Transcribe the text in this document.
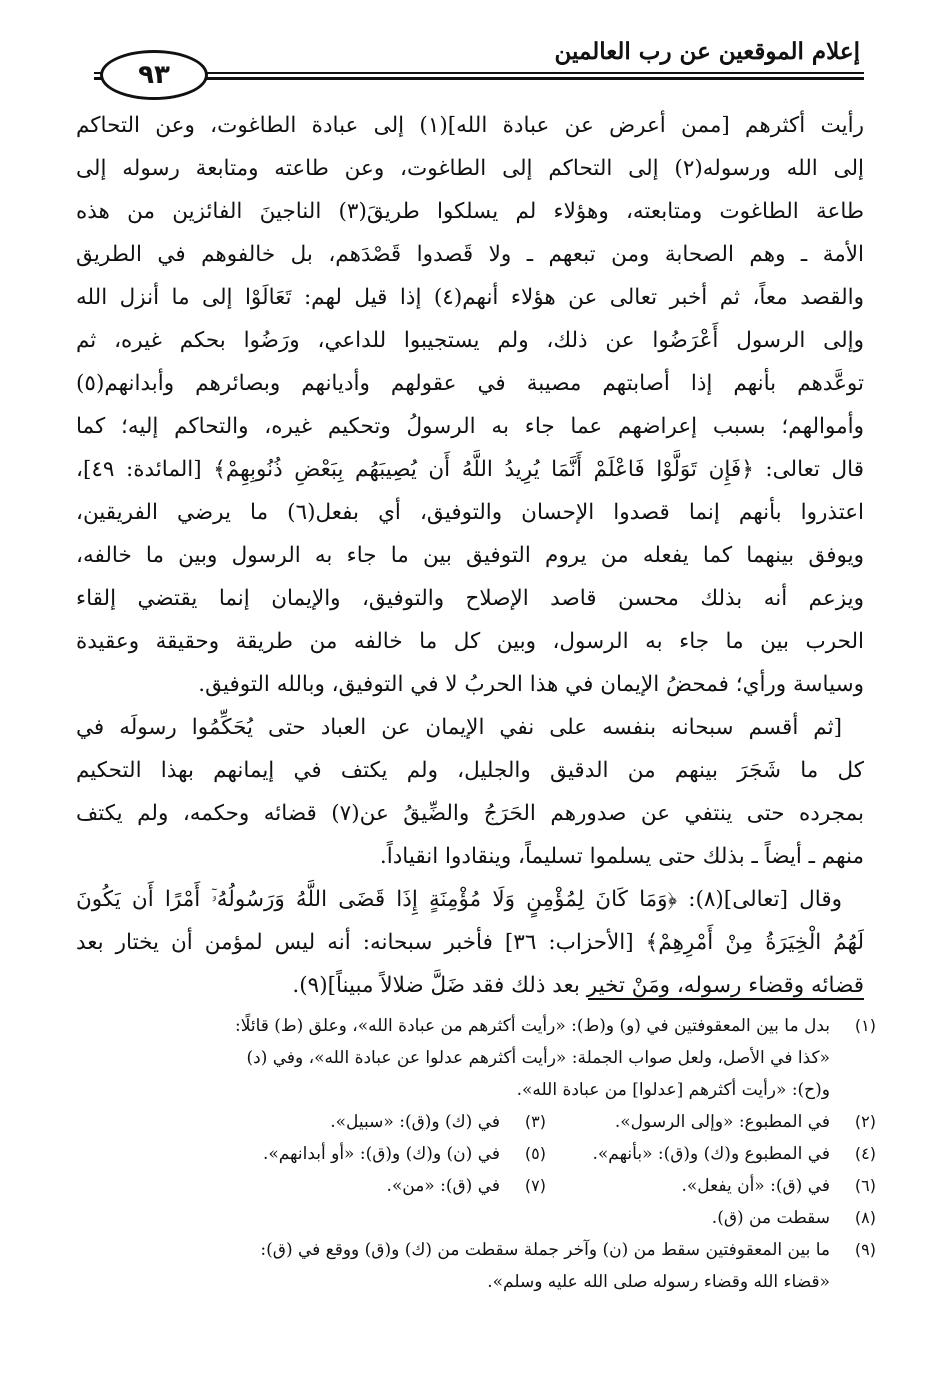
إعلام الموقعين عن رب العالمين
٩٣
رأيت أكثرهم [ممن أعرض عن عبادة الله](١) إلى عبادة الطاغوت، وعن التحاكم
إلى الله ورسوله(٢) إلى التحاكم إلى الطاغوت، وعن طاعته ومتابعة رسوله إلى
طاعة الطاغوت ومتابعته، وهؤلاء لم يسلكوا طريقَ(٣) الناجينَ الفائزين من هذه
الأمة ـ وهم الصحابة ومن تبعهم ـ ولا قَصدوا قَصْدَهم، بل خالفوهم في الطريق
والقصد معاً، ثم أخبر تعالى عن هؤلاء أنهم(٤) إذا قيل لهم: تَعَالَوْا إلى ما أنزل الله
وإلى الرسول أَعْرَضُوا عن ذلك، ولم يستجيبوا للداعي، ورَضُوا بحكم غيره، ثم
توعَّدهم بأنهم إذا أصابتهم مصيبة في عقولهم وأديانهم وبصائرهم وأبدانهم(٥)
وأموالهم؛ بسبب إعراضهم عما جاء به الرسولُ وتحكيم غيره، والتحاكم إليه؛ كما
قال تعالى: ﴿فَإِن تَوَلَّوْا فَاعْلَمْ أَنَّمَا يُرِيدُ اللَّهُ أَن يُصِيبَهُم بِبَعْضِ ذُنُوبِهِمْ﴾ [المائدة: ٤٩]،
اعتذروا بأنهم إنما قصدوا الإحسان والتوفيق، أي بفعل(٦) ما يرضي الفريقين،
ويوفق بينهما كما يفعله من يروم التوفيق بين ما جاء به الرسول وبين ما خالفه،
ويزعم أنه بذلك محسن قاصد الإصلاح والتوفيق، والإيمان إنما يقتضي إلقاء
الحرب بين ما جاء به الرسول، وبين كل ما خالفه من طريقة وحقيقة وعقيدة
وسياسة ورأي؛ فمحضُ الإيمان في هذا الحربُ لا في التوفيق، وبالله التوفيق.
[ثم أقسم سبحانه بنفسه على نفي الإيمان عن العباد حتى يُحَكِّمُوا رسولَه في
كل ما شَجَرَ بينهم من الدقيق والجليل، ولم يكتف في إيمانهم بهذا التحكيم
بمجرده حتى ينتفي عن صدورهم الحَرَجُ والضِّيقُ عن(٧) قضائه وحكمه، ولم يكتف
منهم ـ أيضاً ـ بذلك حتى يسلموا تسليماً، وينقادوا انقياداً.
وقال [تعالى](٨): ﴿وَمَا كَانَ لِمُؤْمِنٍ وَلَا مُؤْمِنَةٍ إِذَا قَضَى اللَّهُ وَرَسُولُهُۥٓ أَمْرًا أَن يَكُونَ
لَهُمُ الْخِيَرَةُ مِنْ أَمْرِهِمْ﴾ [الأحزاب: ٣٦] فأخبر سبحانه: أنه ليس لمؤمن أن يختار بعد
قضائه وقضاء رسوله، ومَنْ تخير بعد ذلك فقد ضَلَّ ضلالاً مبيناً](٩).
(١)
بدل ما بين المعقوفتين في (و) و(ط): «رأيت أكثرهم من عبادة الله»، وعلق (ط) قائلًا:
«كذا في الأصل، ولعل صواب الجملة: «رأيت أكثرهم عدلوا عن عبادة الله»، وفي (د)
و(ح): «رأيت أكثرهم [عدلوا] من عبادة الله».
(٢)
في المطبوع: «وإلى الرسول».
(٣)
في (ك) و(ق): «سبيل».
(٤)
في المطبوع و(ك) و(ق): «بأنهم».
(٥)
في (ن) و(ك) و(ق): «أو أبدانهم».
(٦)
في (ق): «أن يفعل».
(٧)
في (ق): «من».
(٨)
سقطت من (ق).
(٩)
ما بين المعقوفتين سقط من (ن) وآخر جملة سقطت من (ك) و(ق) ووقع في (ق):
«قضاء الله وقضاء رسوله صلى الله عليه وسلم».
